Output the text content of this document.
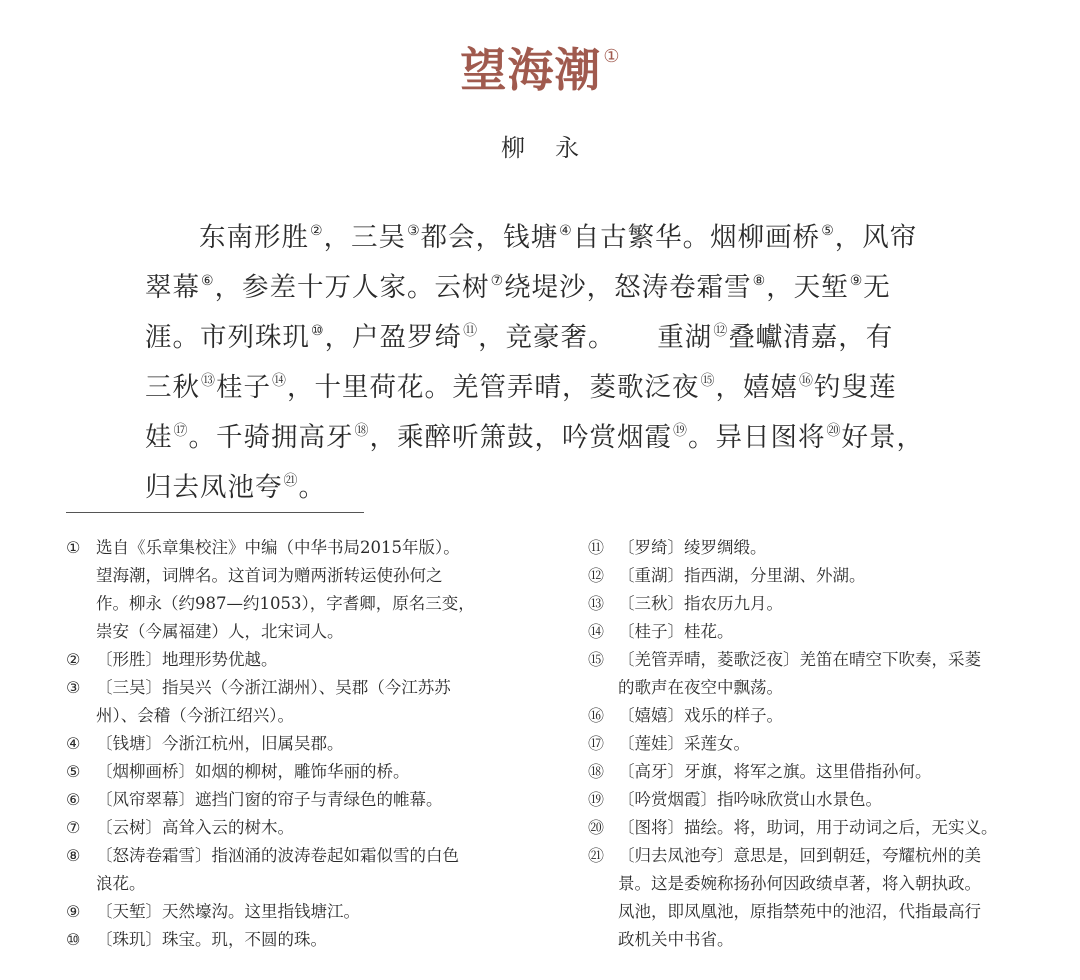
望海潮 ①
柳永
东南形胜②，三吴③都会，钱塘④自古繁华。烟柳画桥⑤，风帘
翠幕⑥，参差十万人家。云树⑦绕堤沙，怒涛卷霜雪⑧，天堑⑨无
涯。市列珠玑⑩，户盈罗绮⑪，竞豪奢。　　重湖⑫叠巘清嘉，有
三秋⑬桂子⑭，十里荷花。羌管弄晴，菱歌泛夜⑮，嬉嬉⑯钓叟莲
娃⑰。千骑拥高牙⑱，乘醉听箫鼓，吟赏烟霞⑲。异日图将⑳好景，
归去凤池夸$^㉑$。
① 选自《乐章集校注》中编（中华书局2015年版）。
望海潮，词牌名。这首词为赠两浙转运使孙何之
作。柳永（约987—约1053），字耆卿，原名三变，
崇安（今属福建）人，北宋词人。
② 〔形胜〕地理形势优越。
③ 〔三吴〕指吴兴（今浙江湖州）、吴郡（今江苏苏
州）、会稽（今浙江绍兴）。
④ 〔钱塘〕今浙江杭州，旧属吴郡。
⑤ 〔烟柳画桥〕如烟的柳树，雕饰华丽的桥。
⑥ 〔风帘翠幕〕遮挡门窗的帘子与青绿色的帷幕。
⑦ 〔云树〕高耸入云的树木。
⑧ 〔怒涛卷霜雪〕指汹涌的波涛卷起如霜似雪的白色
浪花。
⑨ 〔天堑〕天然壕沟。这里指钱塘江。
⑩ 〔珠玑〕珠宝。玑，不圆的珠。
⑪ 〔罗绮〕绫罗绸缎。
⑫ 〔重湖〕指西湖，分里湖、外湖。
⑬ 〔三秋〕指农历九月。
⑭ 〔桂子〕桂花。
⑮ 〔羌管弄晴，菱歌泛夜〕羌笛在晴空下吹奏，采菱
的歌声在夜空中飘荡。
⑯ 〔嬉嬉〕戏乐的样子。
⑰ 〔莲娃〕采莲女。
⑱ 〔高牙〕牙旗，将军之旗。这里借指孙何。
⑲ 〔吟赏烟霞〕指吟咏欣赏山水景色。
⑳ 〔图将〕描绘。将，助词，用于动词之后，无实义。
㉑ 〔归去凤池夸〕意思是，回到朝廷，夸耀杭州的美
景。这是委婉称扬孙何因政绩卓著，将入朝执政。
凤池，即凤凰池，原指禁苑中的池沼，代指最高行
政机关中书省。
